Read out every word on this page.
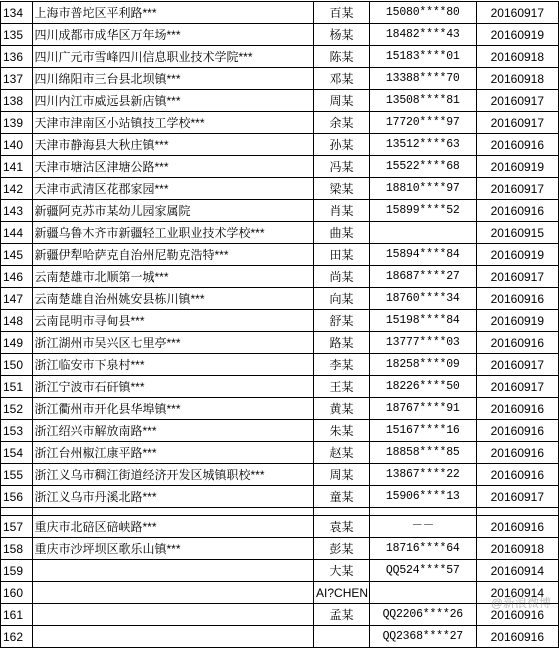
134	上海市普坨区平利路***	百某	15080****80	20160917
135	四川成都市成华区万年场***	杨某	18482****43	20160919
136	四川广元市雪峰四川信息职业技术学院***	陈某	15183****01	20160918
137	四川绵阳市三台县北坝镇***	邓某	13388****70	20160918
138	四川内江市威远县新店镇***	周某	13508****81	20160917
139	天津市津南区小站镇技工学校***	余某	17720****97	20160917
140	天津市静海县大秋庄镇***	孙某	13512****63	20160916
141	天津市塘沽区津塘公路***	冯某	15522****68	20160919
142	天津市武清区花郡家园***	梁某	18810****97	20160917
143	新疆阿克苏市某幼儿园家属院	肖某	15899****52	20160916
144	新疆乌鲁木齐市新疆轻工业职业技术学校***	曲某		20160915
145	新疆伊犁哈萨克自治州尼勒克浩特***	田某	15894****84	20160919
146	云南楚雄市北顺第一城***	尚某	18687****27	20160917
147	云南楚雄自治州姚安县栋川镇***	向某	18760****34	20160916
148	云南昆明市寻甸县***	舒某	15198****84	20160919
149	浙江湖州市吴兴区七里亭***	路某	13777****03	20160916
150	浙江临安市下泉村***	李某	18258****09	20160917
151	浙江宁波市石矸镇***	王某	18226****50	20160917
152	浙江衢州市开化县华埠镇***	黄某	18767****91	20160916
153	浙江绍兴市解放南路***	朱某	15167****16	20160916
154	浙江台州椒江康平路***	赵某	18858****85	20160916
155	浙江义乌市稠江街道经济开发区城镇职校***	周某	13867****22	20160916
156	浙江义乌市丹溪北路***	童某	15906****13	20160917

157	重庆市北碚区碚峡路***	袁某	－－	20160916
158	重庆市沙坪坝区歌乐山镇***	彭某	18716****64	20160918
159		大某	QQ524****57	20160914
160		AI?CHEN		20160914
161		孟某	QQ2206****26	20160916
162			QQ2368****27	20160916
@新浪微博
